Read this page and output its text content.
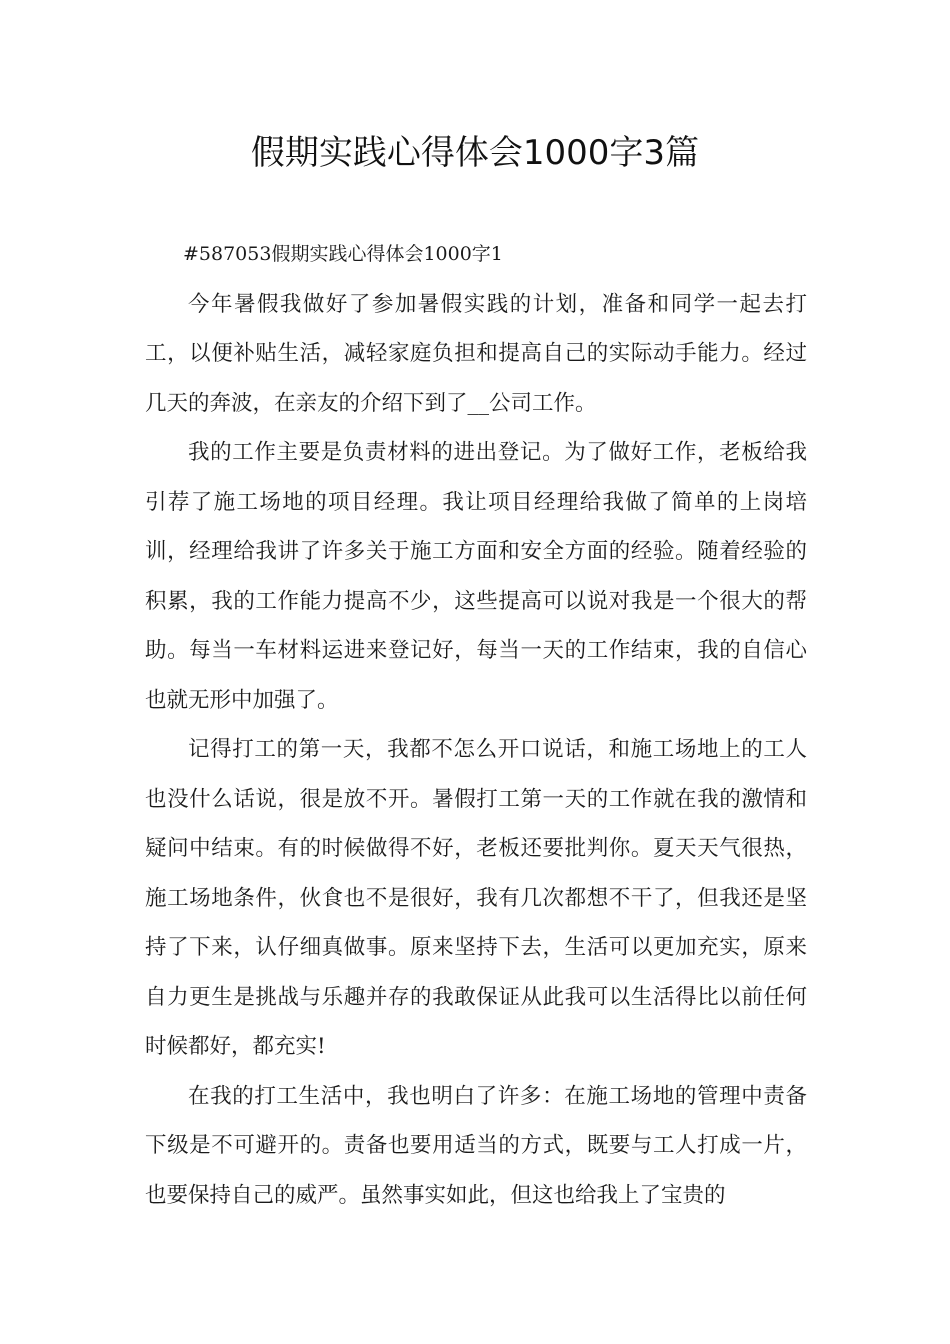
假期实践心得体会1000字3篇

#587053假期实践心得体会1000字1

今年暑假我做好了参加暑假实践的计划，准备和同学一起去打工，以便补贴生活，减轻家庭负担和提高自己的实际动手能力。经过几天的奔波，在亲友的介绍下到了__公司工作。

我的工作主要是负责材料的进出登记。为了做好工作，老板给我引荐了施工场地的项目经理。我让项目经理给我做了简单的上岗培训，经理给我讲了许多关于施工方面和安全方面的经验。随着经验的积累，我的工作能力提高不少，这些提高可以说对我是一个很大的帮助。每当一车材料运进来登记好，每当一天的工作结束，我的自信心也就无形中加强了。

记得打工的第一天，我都不怎么开口说话，和施工场地上的工人也没什么话说，很是放不开。暑假打工第一天的工作就在我的激情和疑问中结束。有的时候做得不好，老板还要批判你。夏天天气很热，施工场地条件，伙食也不是很好，我有几次都想不干了，但我还是坚持了下来，认仔细真做事。原来坚持下去，生活可以更加充实，原来自力更生是挑战与乐趣并存的我敢保证从此我可以生活得比以前任何时候都好，都充实!

在我的打工生活中，我也明白了许多：在施工场地的管理中责备下级是不可避开的。责备也要用适当的方式，既要与工人打成一片，也要保持自己的威严。虽然事实如此，但这也给我上了宝贵的
